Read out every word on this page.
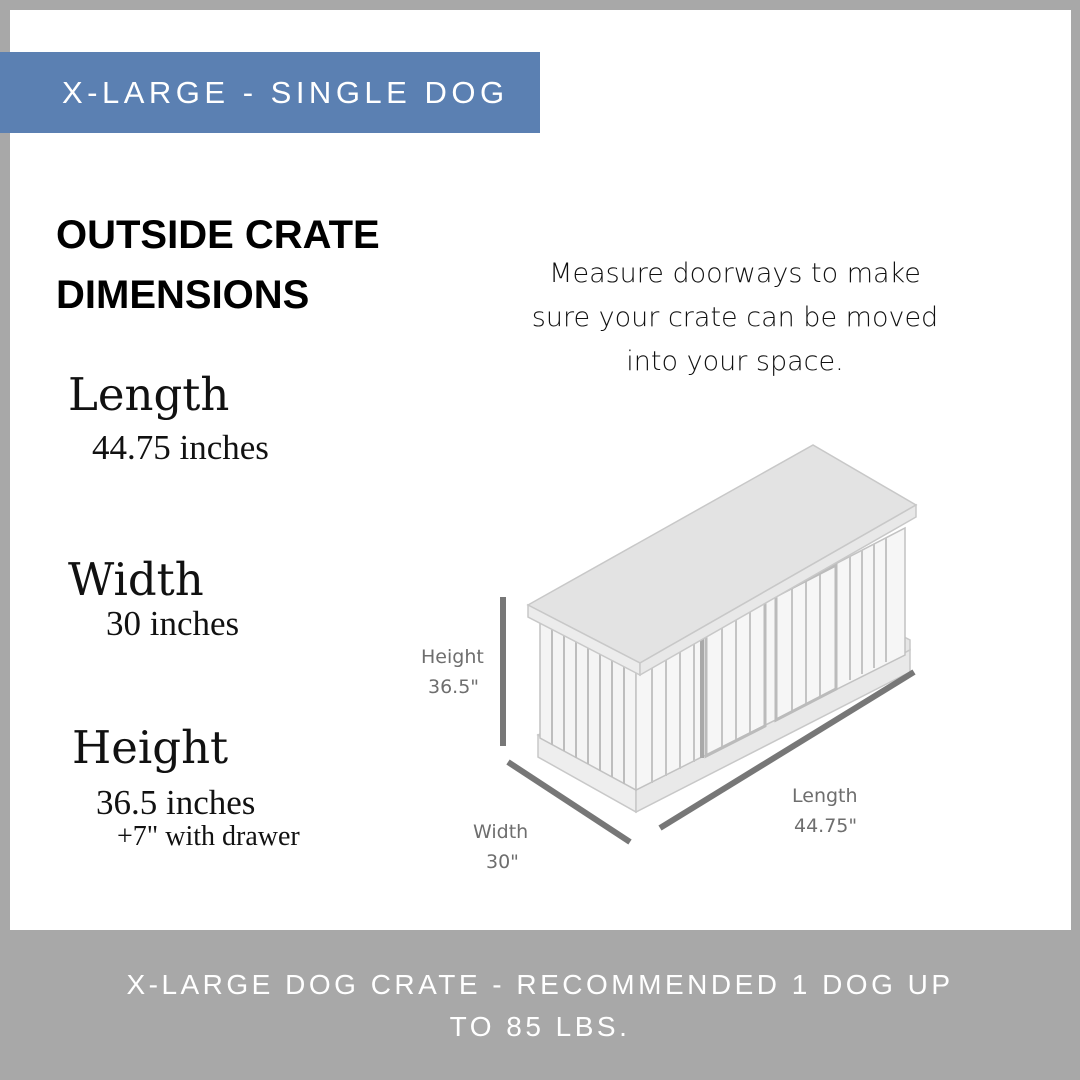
X-LARGE - SINGLE DOG
OUTSIDE CRATE
DIMENSIONS	Measure doorways to make
sure your crate can be moved
into your space.
Length
44.75 inches
Width
30 inches
Height
36.5 inches
+7" with drawer
Height
36.5"
Width
30"
Length
44.75"
X-LARGE DOG CRATE - RECOMMENDED 1 DOG UP
TO 85 LBS.
